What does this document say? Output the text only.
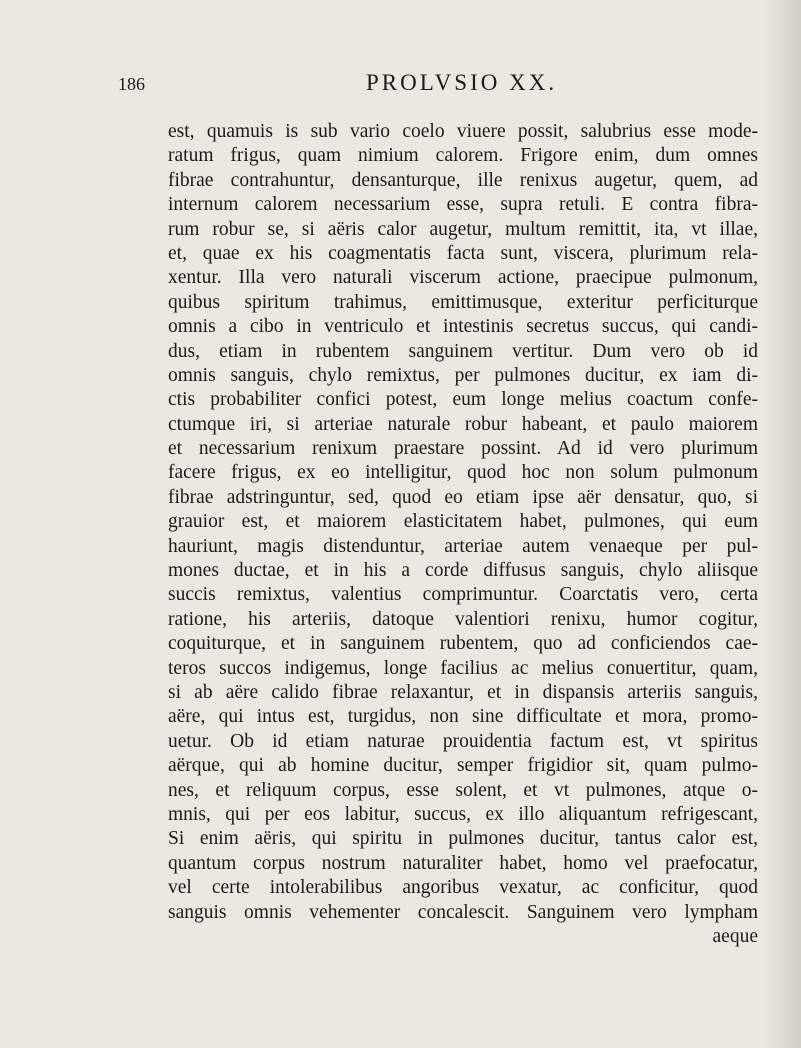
186	PROLVSIO XX.
est, quamuis is sub vario coelo viuere possit, salubrius esse mode-
ratum frigus, quam nimium calorem. Frigore enim, dum omnes
fibrae contrahuntur, densanturque, ille renixus augetur, quem, ad
internum calorem necessarium esse, supra retuli. E contra fibra-
rum robur se, si aëris calor augetur, multum remittit, ita, vt illae,
et, quae ex his coagmentatis facta sunt, viscera, plurimum rela-
xentur. Illa vero naturali viscerum actione, praecipue pulmonum,
quibus spiritum trahimus, emittimusque, exteritur perficiturque
omnis a cibo in ventriculo et intestinis secretus succus, qui candi-
dus, etiam in rubentem sanguinem vertitur. Dum vero ob id
omnis sanguis, chylo remixtus, per pulmones ducitur, ex iam di-
ctis probabiliter confici potest, eum longe melius coactum confe-
ctumque iri, si arteriae naturale robur habeant, et paulo maiorem
et necessarium renixum praestare possint. Ad id vero plurimum
facere frigus, ex eo intelligitur, quod hoc non solum pulmonum
fibrae adstringuntur, sed, quod eo etiam ipse aër densatur, quo, si
grauior est, et maiorem elasticitatem habet, pulmones, qui eum
hauriunt, magis distenduntur, arteriae autem venaeque per pul-
mones ductae, et in his a corde diffusus sanguis, chylo aliisque
succis remixtus, valentius comprimuntur. Coarctatis vero, certa
ratione, his arteriis, datoque valentiori renixu, humor cogitur,
coquiturque, et in sanguinem rubentem, quo ad conficiendos cae-
teros succos indigemus, longe facilius ac melius conuertitur, quam,
si ab aëre calido fibrae relaxantur, et in dispansis arteriis sanguis,
aëre, qui intus est, turgidus, non sine difficultate et mora, promo-
uetur. Ob id etiam naturae prouidentia factum est, vt spiritus
aërque, qui ab homine ducitur, semper frigidior sit, quam pulmo-
nes, et reliquum corpus, esse solent, et vt pulmones, atque o-
mnis, qui per eos labitur, succus, ex illo aliquantum refrigescant,
Si enim aëris, qui spiritu in pulmones ducitur, tantus calor est,
quantum corpus nostrum naturaliter habet, homo vel praefocatur,
vel certe intolerabilibus angoribus vexatur, ac conficitur, quod
sanguis omnis vehementer concalescit. Sanguinem vero lympham
aeque
